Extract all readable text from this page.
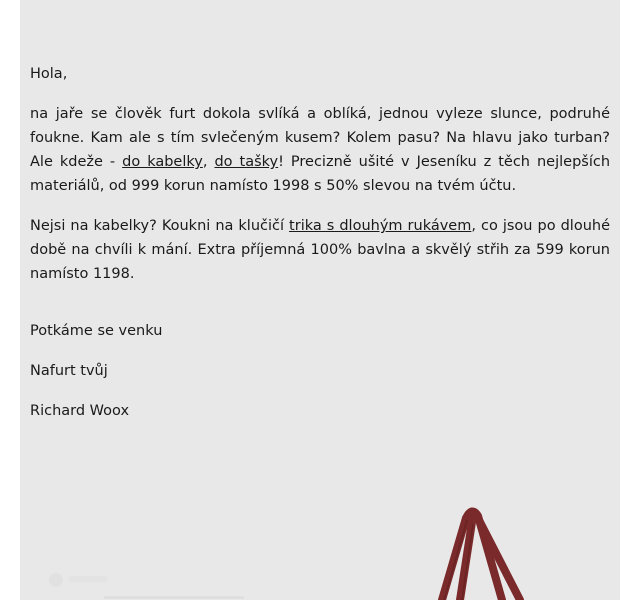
Hola,

na jaře se člověk furt dokola svlíká a oblíká, jednou vyleze slunce, podruhé foukne. Kam ale s tím svlečeným kusem? Kolem pasu? Na hlavu jako turban? Ale kdeže - do kabelky, do tašky! Precizně ušité v Jeseníku z těch nejlepších materiálů, od 999 korun namísto 1998 s 50% slevou na tvém účtu.

Nejsi na kabelky? Koukni na klučičí trika s dlouhým rukávem, co jsou po dlouhé době na chvíli k mání. Extra příjemná 100% bavlna a skvělý střih za 599 korun namísto 1198.

Potkáme se venku

Nafurt tvůj

Richard Woox
